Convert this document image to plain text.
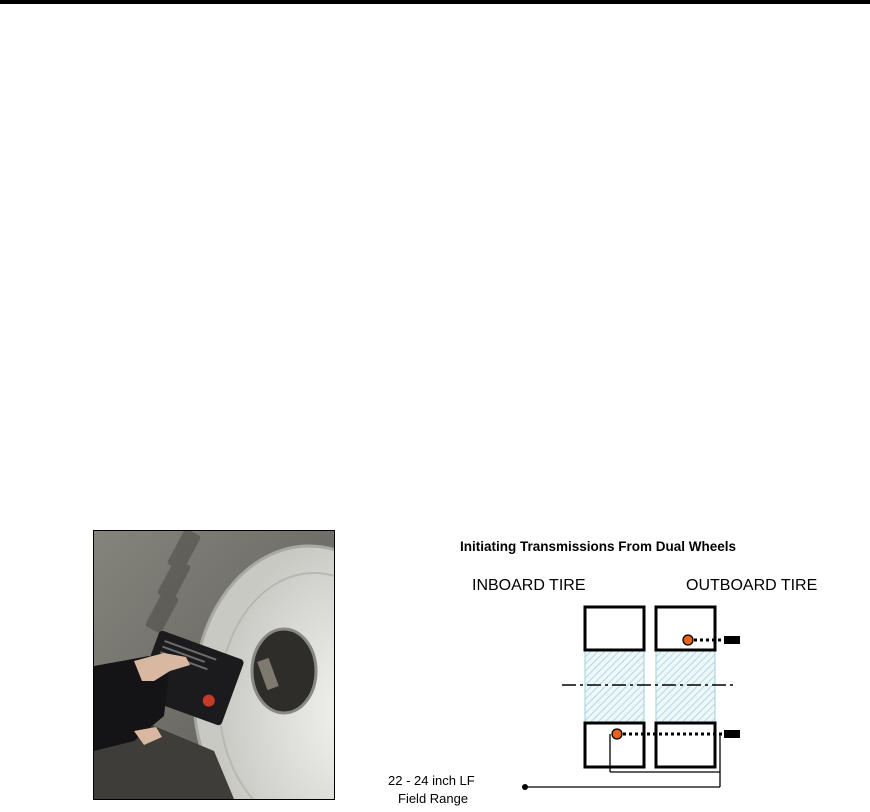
Initiating Transmissions From Dual Wheels
INBOARD TIRE	OUTBOARD TIRE
22 - 24 inch LF
Field Range
